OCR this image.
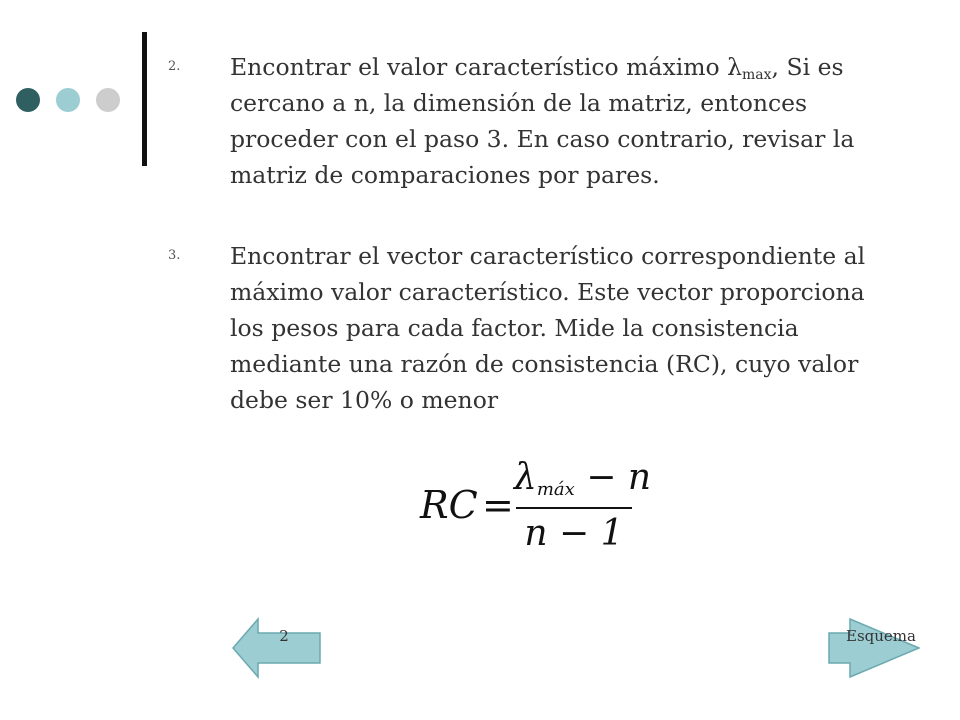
2.	Encontrar el valor característico máximo $\lambda_{max}$, Si es cercano a n, la dimensión de la matriz, entonces proceder con el paso 3. En caso contrario, revisar la matriz de comparaciones por pares.
3.	Encontrar el vector característico correspondiente al máximo valor característico. Este vector proporciona los pesos para cada factor. Mide la consistencia mediante una razón de consistencia (RC), cuyo valor debe ser 10% o menor
RC =
$\lambda_{máx} - n$
n − 1
2	Esquema
